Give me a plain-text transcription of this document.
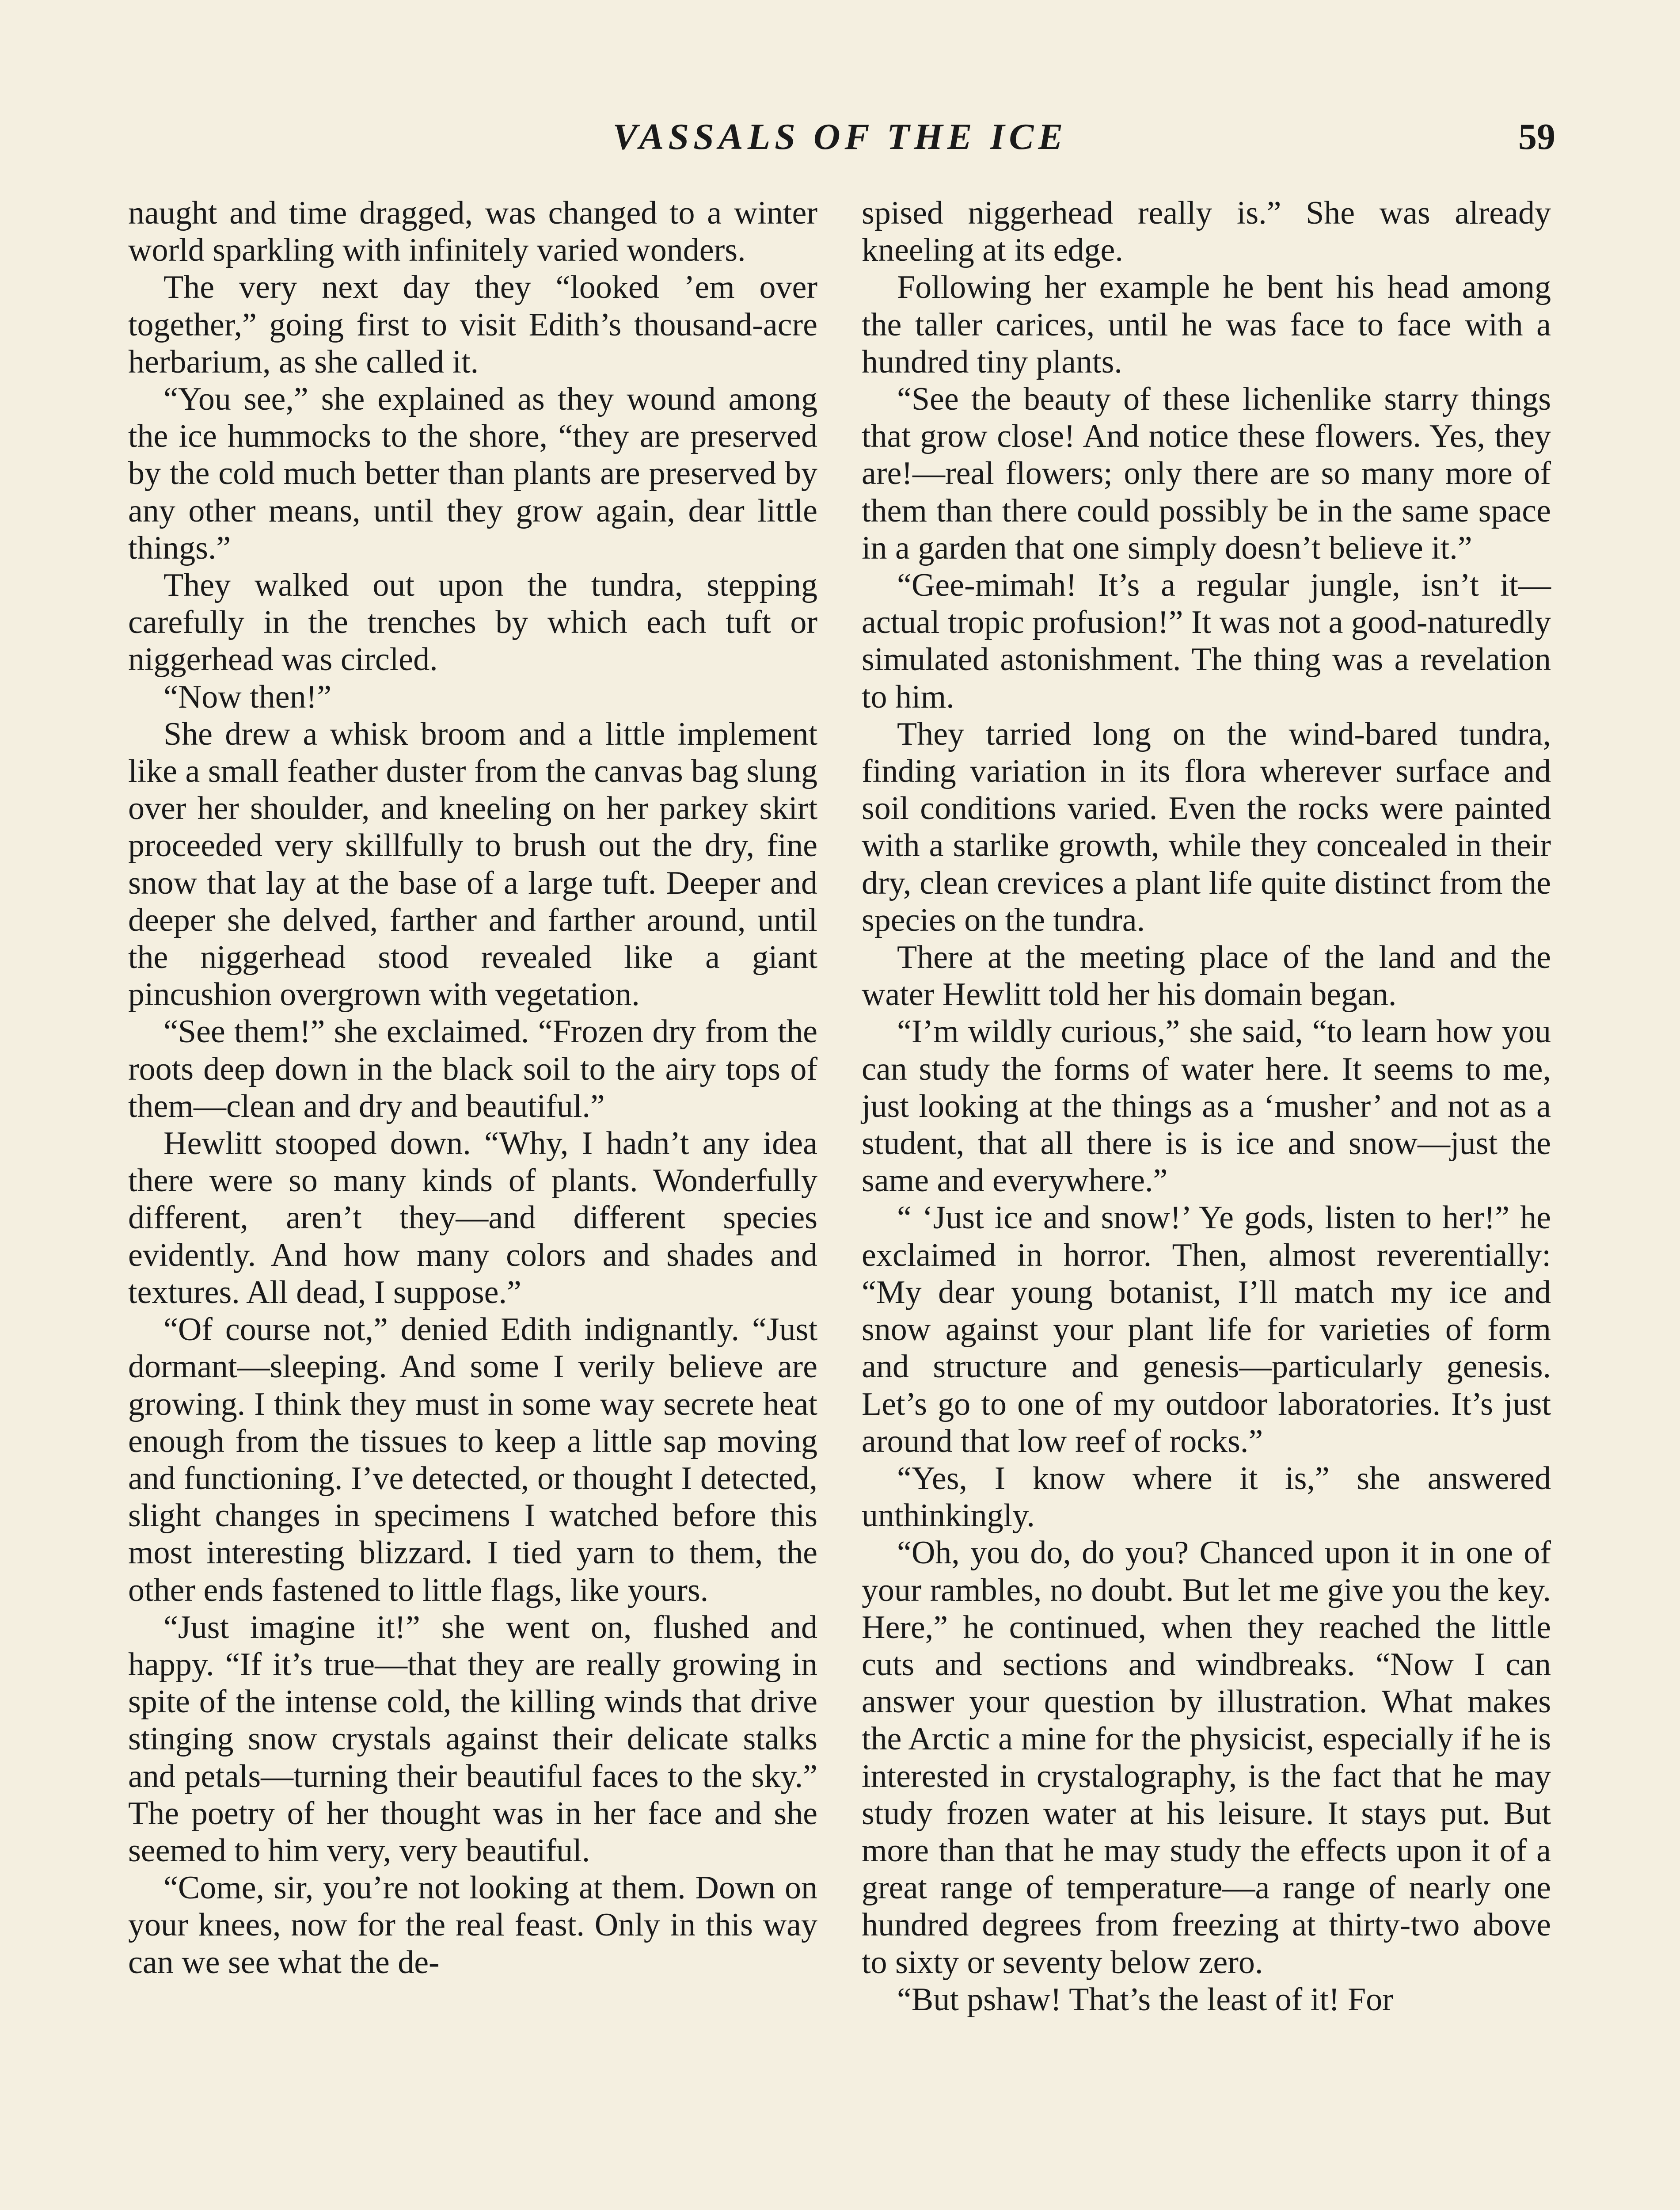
VASSALS OF THE ICE	59

naught and time dragged, was changed to a winter world sparkling with infinitely varied wonders.

The very next day they “looked ’em over together,” going first to visit Edith’s thousand-acre herbarium, as she called it.

“You see,” she explained as they wound among the ice hummocks to the shore, “they are preserved by the cold much better than plants are preserved by any other means, until they grow again, dear little things.”

They walked out upon the tundra, stepping carefully in the trenches by which each tuft or niggerhead was circled.

“Now then!”

She drew a whisk broom and a little implement like a small feather duster from the canvas bag slung over her shoulder, and kneeling on her parkey skirt proceeded very skillfully to brush out the dry, fine snow that lay at the base of a large tuft. Deeper and deeper she delved, farther and farther around, until the niggerhead stood revealed like a giant pincushion overgrown with vegetation.

“See them!” she exclaimed. “Frozen dry from the roots deep down in the black soil to the airy tops of them—clean and dry and beautiful.”

Hewlitt stooped down. “Why, I hadn’t any idea there were so many kinds of plants. Wonderfully different, aren’t they—and different species evidently. And how many colors and shades and textures. All dead, I suppose.”

“Of course not,” denied Edith indignantly. “Just dormant—sleeping. And some I verily believe are growing. I think they must in some way secrete heat enough from the tissues to keep a little sap moving and functioning. I’ve detected, or thought I detected, slight changes in specimens I watched before this most interesting blizzard. I tied yarn to them, the other ends fastened to little flags, like yours.

“Just imagine it!” she went on, flushed and happy. “If it’s true—that they are really growing in spite of the intense cold, the killing winds that drive stinging snow crystals against their delicate stalks and petals—turning their beautiful faces to the sky.” The poetry of her thought was in her face and she seemed to him very, very beautiful.

“Come, sir, you’re not looking at them. Down on your knees, now for the real feast. Only in this way can we see what the de-

spised niggerhead really is.” She was already kneeling at its edge.

Following her example he bent his head among the taller carices, until he was face to face with a hundred tiny plants.

“See the beauty of these lichenlike starry things that grow close! And notice these flowers. Yes, they are!—real flowers; only there are so many more of them than there could possibly be in the same space in a garden that one simply doesn’t believe it.”

“Gee-mimah! It’s a regular jungle, isn’t it—actual tropic profusion!” It was not a good-naturedly simulated astonishment. The thing was a revelation to him.

They tarried long on the wind-bared tundra, finding variation in its flora wherever surface and soil conditions varied. Even the rocks were painted with a starlike growth, while they concealed in their dry, clean crevices a plant life quite distinct from the species on the tundra.

There at the meeting place of the land and the water Hewlitt told her his domain began.

“I’m wildly curious,” she said, “to learn how you can study the forms of water here. It seems to me, just looking at the things as a ‘musher’ and not as a student, that all there is is ice and snow—just the same and everywhere.”

“ ‘Just ice and snow!’ Ye gods, listen to her!” he exclaimed in horror. Then, almost reverentially: “My dear young botanist, I’ll match my ice and snow against your plant life for varieties of form and structure and genesis—particularly genesis. Let’s go to one of my outdoor laboratories. It’s just around that low reef of rocks.”

“Yes, I know where it is,” she answered unthinkingly.

“Oh, you do, do you? Chanced upon it in one of your rambles, no doubt. But let me give you the key. Here,” he continued, when they reached the little cuts and sections and windbreaks. “Now I can answer your question by illustration. What makes the Arctic a mine for the physicist, especially if he is interested in crystalography, is the fact that he may study frozen water at his leisure. It stays put. But more than that he may study the effects upon it of a great range of temperature—a range of nearly one hundred degrees from freezing at thirty-two above to sixty or seventy below zero.

“But pshaw! That’s the least of it! For
